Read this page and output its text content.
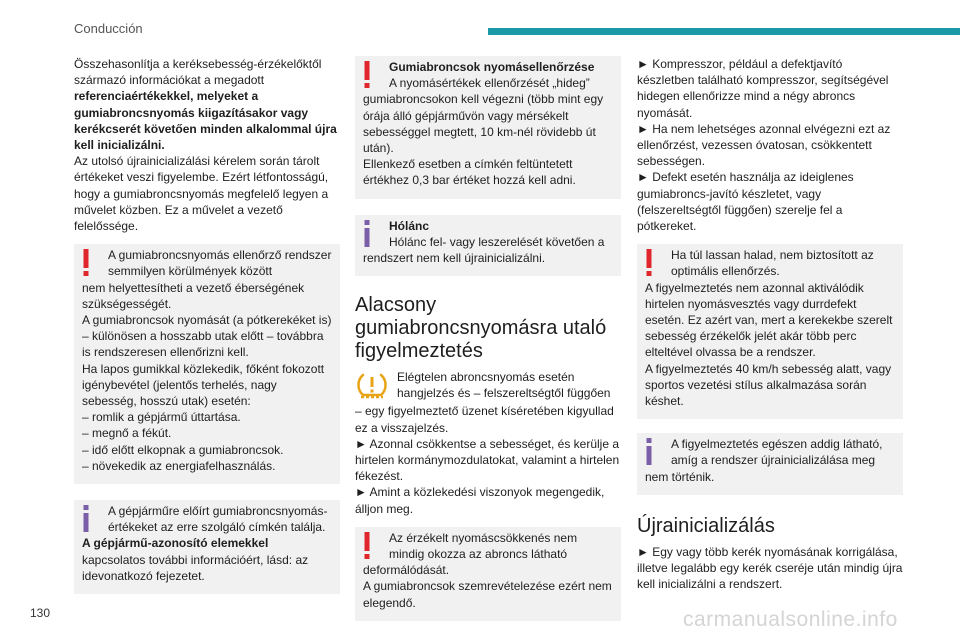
Conducción

Összehasonlítja a keréksebesség-érzékelőktől származó információkat a megadott referenciaértékekkel, melyeket a gumiabroncsnyomás kiigazításakor vagy kerékcserét követően minden alkalommal újra kell inicializálni.

Az utolsó újrainicializálási kérelem során tárolt értékeket veszi figyelembe. Ezért létfontosságú, hogy a gumiabroncsnyomás megfelelő legyen a művelet közben. Ez a művelet a vezető felelőssége.

A gumiabroncsnyomás ellenőrző rendszer semmilyen körülmények között

nem helyettesítheti a vezető éberségének szükségességét.

A gumiabroncsok nyomását (a pótkerekéket is) – különösen a hosszabb utak előtt – továbbra is rendszeresen ellenőrizni kell.

Ha lapos gumikkal közlekedik, főként fokozott igénybevétel (jelentős terhelés, nagy sebesség, hosszú utak) esetén:

– romlik a gépjármű úttartása.

– megnő a fékút.

– idő előtt elkopnak a gumiabroncsok.

– növekedik az energiafelhasználás.

A gépjárműre előírt gumiabroncsnyomás-értékeket az erre szolgáló címkén találja.

A gépjármű-azonosító elemekkel

kapcsolatos további információért, lásd: az idevonatkozó fejezetet.

Gumiabroncsok nyomásellenőrzése

A nyomásértékek ellenőrzését „hideg”

gumiabroncsokon kell végezni (több mint egy órája álló gépjárművön vagy mérsékelt sebességgel megtett, 10 km-nél rövidebb út után).

Ellenkező esetben a címkén feltüntetett értékhez 0,3 bar értéket hozzá kell adni.

Hólánc

Hólánc fel- vagy leszerelését követően a

rendszert nem kell újrainicializálni.

Alacsony gumiabroncsnyomásra utaló figyelmeztetés

Elégtelen abroncsnyomás esetén hangjelzés és – felszereltségtől függően

– egy figyelmeztető üzenet kíséretében kigyullad ez a visszajelzés.

► Azonnal csökkentse a sebességet, és kerülje a hirtelen kormánymozdulatokat, valamint a hirtelen fékezést.

► Amint a közlekedési viszonyok megengedik, álljon meg.

Az érzékelt nyomáscsökkenés nem mindig okozza az abroncs látható

deformálódását.

A gumiabroncsok szemrevételezése ezért nem elegendő.

► Kompresszor, például a defektjavító készletben található kompresszor, segítségével hidegen ellenőrizze mind a négy abroncs nyomását.

► Ha nem lehetséges azonnal elvégezni ezt az ellenőrzést, vezessen óvatosan, csökkentett sebességen.

► Defekt esetén használja az ideiglenes gumiabroncs-javító készletet, vagy (felszereltségtől függően) szerelje fel a pótkereket.

Ha túl lassan halad, nem biztosított az optimális ellenőrzés.

A figyelmeztetés nem azonnal aktiválódik hirtelen nyomásvesztés vagy durrdefekt esetén. Ez azért van, mert a kerekekbe szerelt sebesség érzékelők jelét akár több perc elteltével olvassa be a rendszer.

A figyelmeztetés 40 km/h sebesség alatt, vagy sportos vezetési stílus alkalmazása során késhet.

A figyelmeztetés egészen addig látható, amíg a rendszer újrainicializálása meg

nem történik.

Újrainicializálás

► Egy vagy több kerék nyomásának korrigálása, illetve legalább egy kerék cseréje után mindig újra kell inicializálni a rendszert.

130	carmanualsonline.info
